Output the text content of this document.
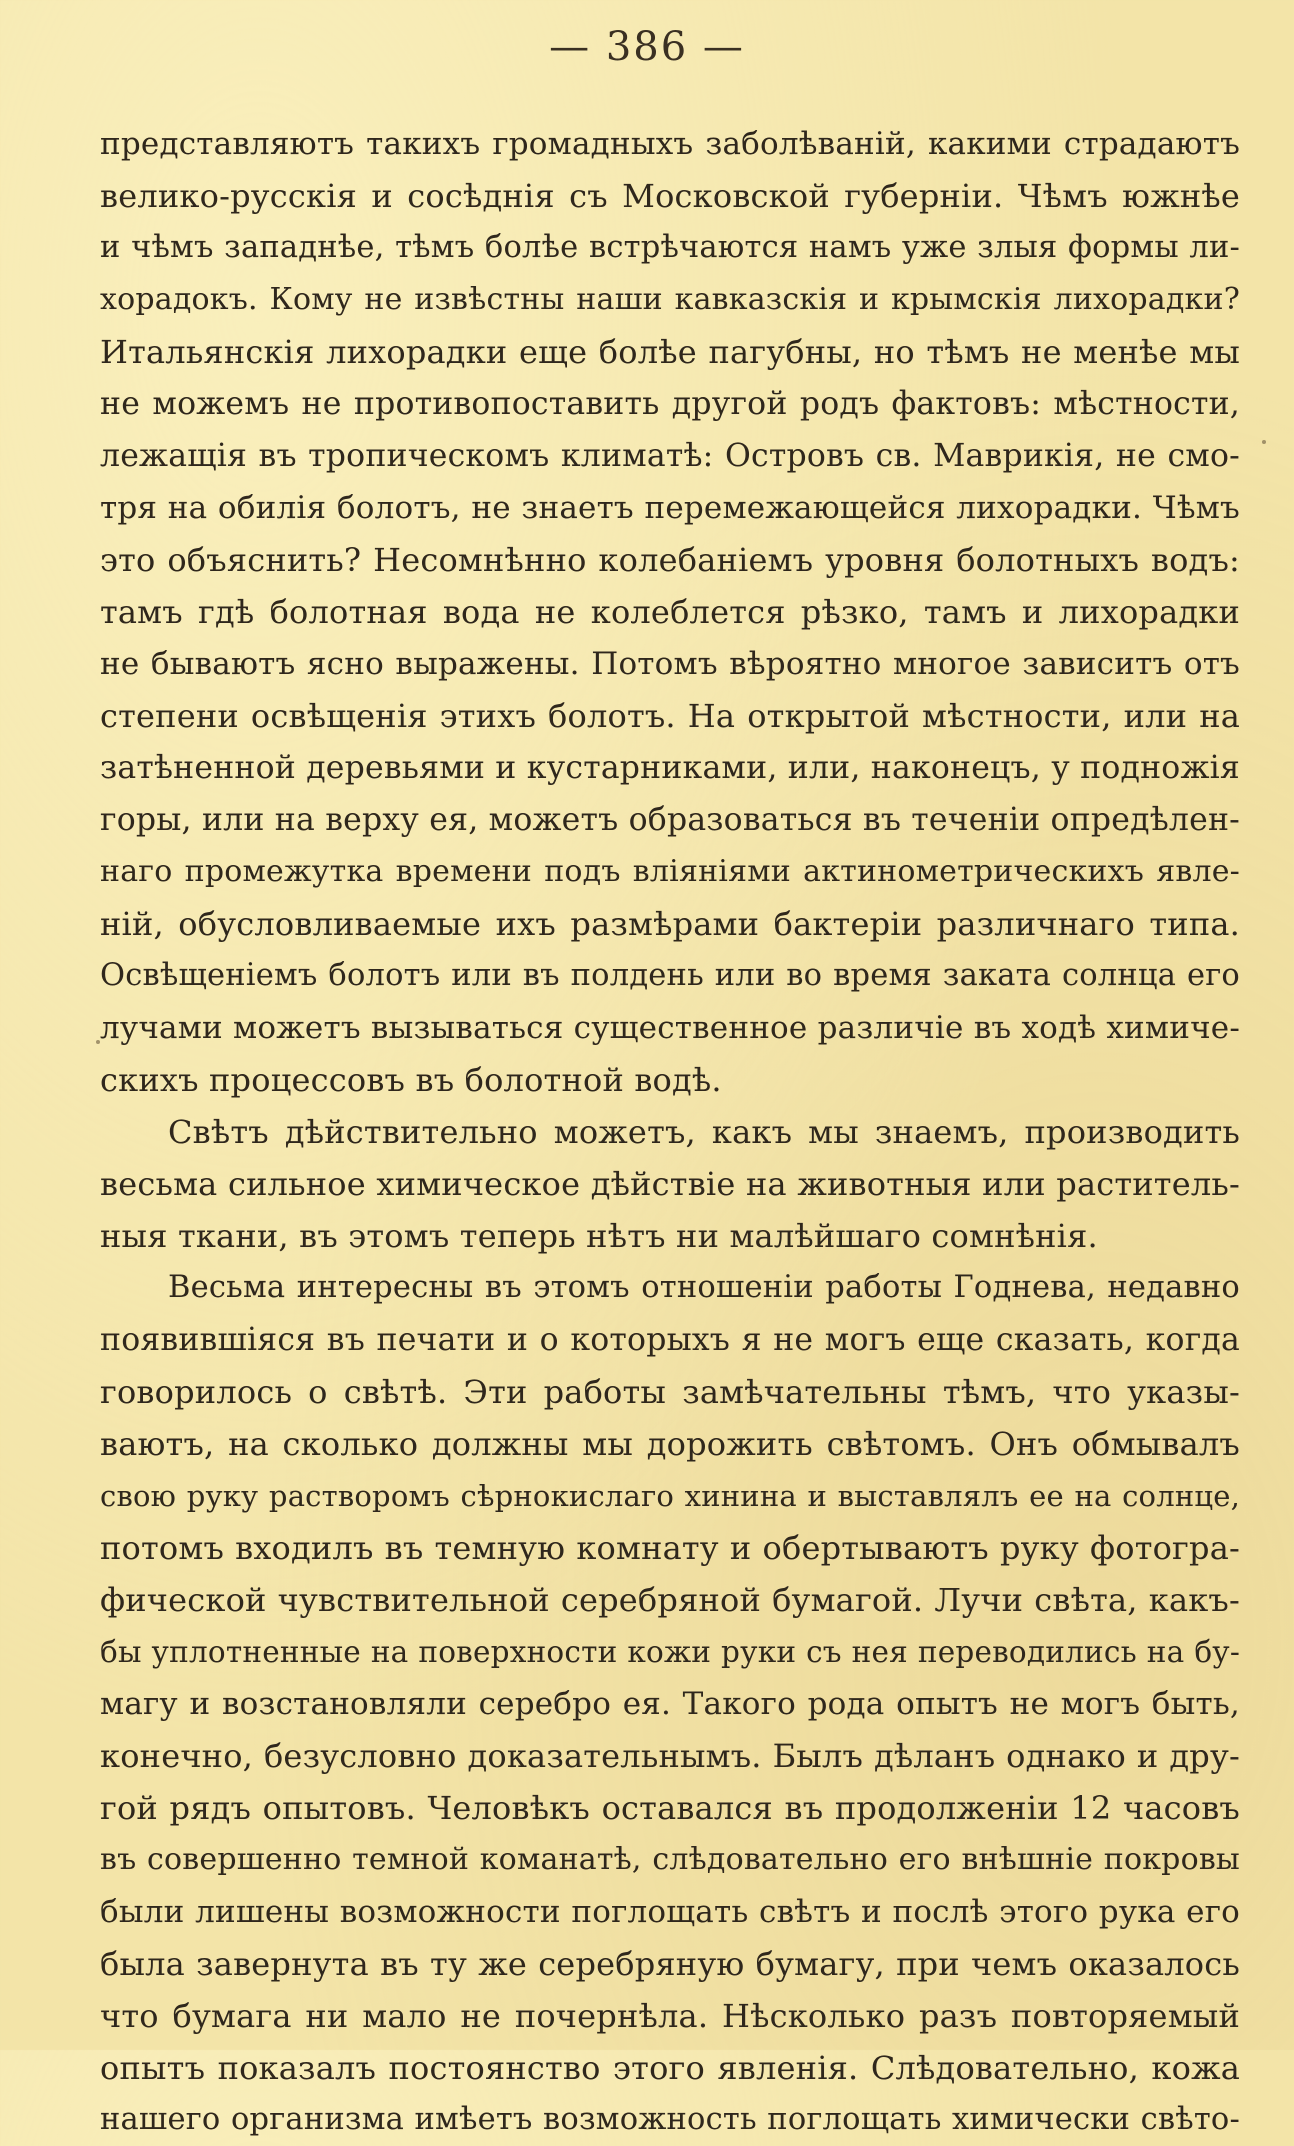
— 386 —
представляютъ такихъ громадныхъ заболѣваній, какими страдаютъ
велико-русскія и сосѣднія съ Московской губерніи. Чѣмъ южнѣе
и чѣмъ западнѣе, тѣмъ болѣе встрѣчаются намъ уже злыя формы ли-
хорадокъ. Кому не извѣстны наши кавказскія и крымскія лихорадки?
Итальянскія лихорадки еще болѣе пагубны, но тѣмъ не менѣе мы
не можемъ не противопоставить другой родъ фактовъ: мѣстности,
лежащія въ тропическомъ климатѣ: Островъ св. Маврикія, не смо-
тря на обилія болотъ, не знаетъ перемежающейся лихорадки. Чѣмъ
это объяснить? Несомнѣнно колебаніемъ уровня болотныхъ водъ:
тамъ гдѣ болотная вода не колеблется рѣзко, тамъ и лихорадки
не бываютъ ясно выражены. Потомъ вѣроятно многое зависитъ отъ
степени освѣщенія этихъ болотъ. На открытой мѣстности, или на
затѣненной деревьями и кустарниками, или, наконецъ, у подножія
горы, или на верху ея, можетъ образоваться въ теченіи опредѣлен-
наго промежутка времени подъ вліяніями актинометрическихъ явле-
ній, обусловливаемые ихъ размѣрами бактеріи различнаго типа.
Освѣщеніемъ болотъ или въ полдень или во время заката солнца его
лучами можетъ вызываться существенное различіе въ ходѣ химиче-
скихъ процессовъ въ болотной водѣ.
Свѣтъ дѣйствительно можетъ, какъ мы знаемъ, производить
весьма сильное химическое дѣйствіе на животныя или раститель-
ныя ткани, въ этомъ теперь нѣтъ ни малѣйшаго сомнѣнія.
Весьма интересны въ этомъ отношеніи работы Годнева, недавно
появившіяся въ печати и о которыхъ я не могъ еще сказать, когда
говорилось о свѣтѣ. Эти работы замѣчательны тѣмъ, что указы-
ваютъ, на сколько должны мы дорожить свѣтомъ. Онъ обмывалъ
свою руку растворомъ сѣрнокислаго хинина и выставлялъ ее на солнце,
потомъ входилъ въ темную комнату и обертываютъ руку фотогра-
фической чувствительной серебряной бумагой. Лучи свѣта, какъ-
бы уплотненные на поверхности кожи руки съ нея переводились на бу-
магу и возстановляли серебро ея. Такого рода опытъ не могъ быть,
конечно, безусловно доказательнымъ. Былъ дѣланъ однако и дру-
гой рядъ опытовъ. Человѣкъ оставался въ продолженіи 12 часовъ
въ совершенно темной команатѣ, слѣдовательно его внѣшніе покровы
были лишены возможности поглощать свѣтъ и послѣ этого рука его
была завернута въ ту же серебряную бумагу, при чемъ оказалось
что бумага ни мало не почернѣла. Нѣсколько разъ повторяемый
опытъ показалъ постоянство этого явленія. Слѣдовательно, кожа
нашего организма имѣетъ возможность поглощать химически свѣто-
